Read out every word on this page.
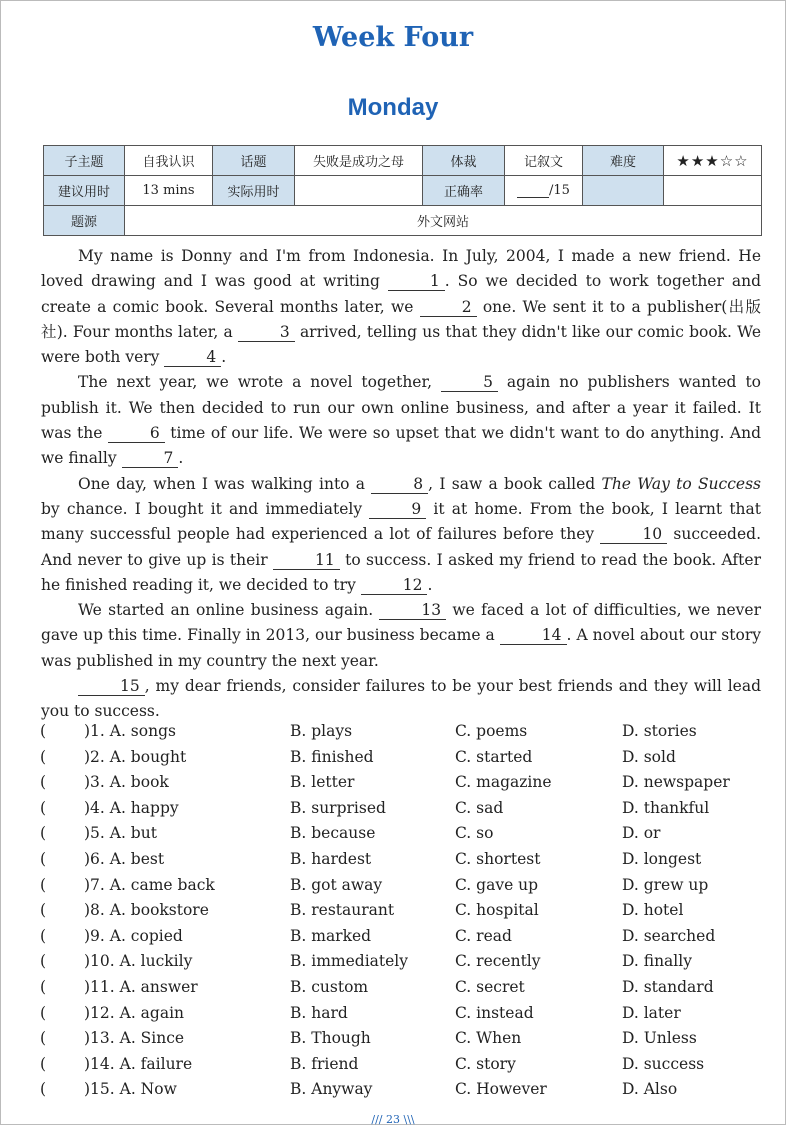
Week Four
Monday
子主题	自我认识	话题	失败是成功之母	体裁	记叙文	难度	★★★☆☆
建议用时	13 mins	实际用时		正确率	/15		
题源	外文网站						

My name is Donny and I'm from Indonesia. In July, 2004, I made a new friend. He loved drawing and I was good at writing	1 . So we decided to work together and create a comic book. Several months later, we	2 one. We sent it to a publisher(出版社). Four months later, a	3 arrived, telling us that they didn't like our comic book. We were both very	4 .

The next year, we wrote a novel together,	5 again no publishers wanted to publish it. We then decided to run our own online business, and after a year it failed. It was the	6 time of our life. We were so upset that we didn't want to do anything. And we finally	7 .

One day, when I was walking into a	8 , I saw a book called The Way to Success by chance. I bought it and immediately	9 it at home. From the book, I learnt that many successful people had experienced a lot of failures before they	10 succeeded. And never to give up is their	11 to success. I asked my friend to read the book. After he finished reading it, we decided to try	12 .

We started an online business again.	13 we faced a lot of difficulties, we never gave up this time. Finally in 2013, our business became a	14 . A novel about our story was published in my country the next year.

15 , my dear friends, consider failures to be your best friends and they will lead you to success.

( )1. A. songs	B. plays	C. poems	D. stories
( )2. A. bought	B. finished	C. started	D. sold
( )3. A. book	B. letter	C. magazine	D. newspaper
( )4. A. happy	B. surprised	C. sad	D. thankful
( )5. A. but	B. because	C. so	D. or
( )6. A. best	B. hardest	C. shortest	D. longest
( )7. A. came back	B. got away	C. gave up	D. grew up
( )8. A. bookstore	B. restaurant	C. hospital	D. hotel
( )9. A. copied	B. marked	C. read	D. searched
( )10. A. luckily	B. immediately	C. recently	D. finally
( )11. A. answer	B. custom	C. secret	D. standard
( )12. A. again	B. hard	C. instead	D. later
( )13. A. Since	B. Though	C. When	D. Unless
( )14. A. failure	B. friend	C. story	D. success
( )15. A. Now	B. Anyway	C. However	D. Also
/// 23 \\\
